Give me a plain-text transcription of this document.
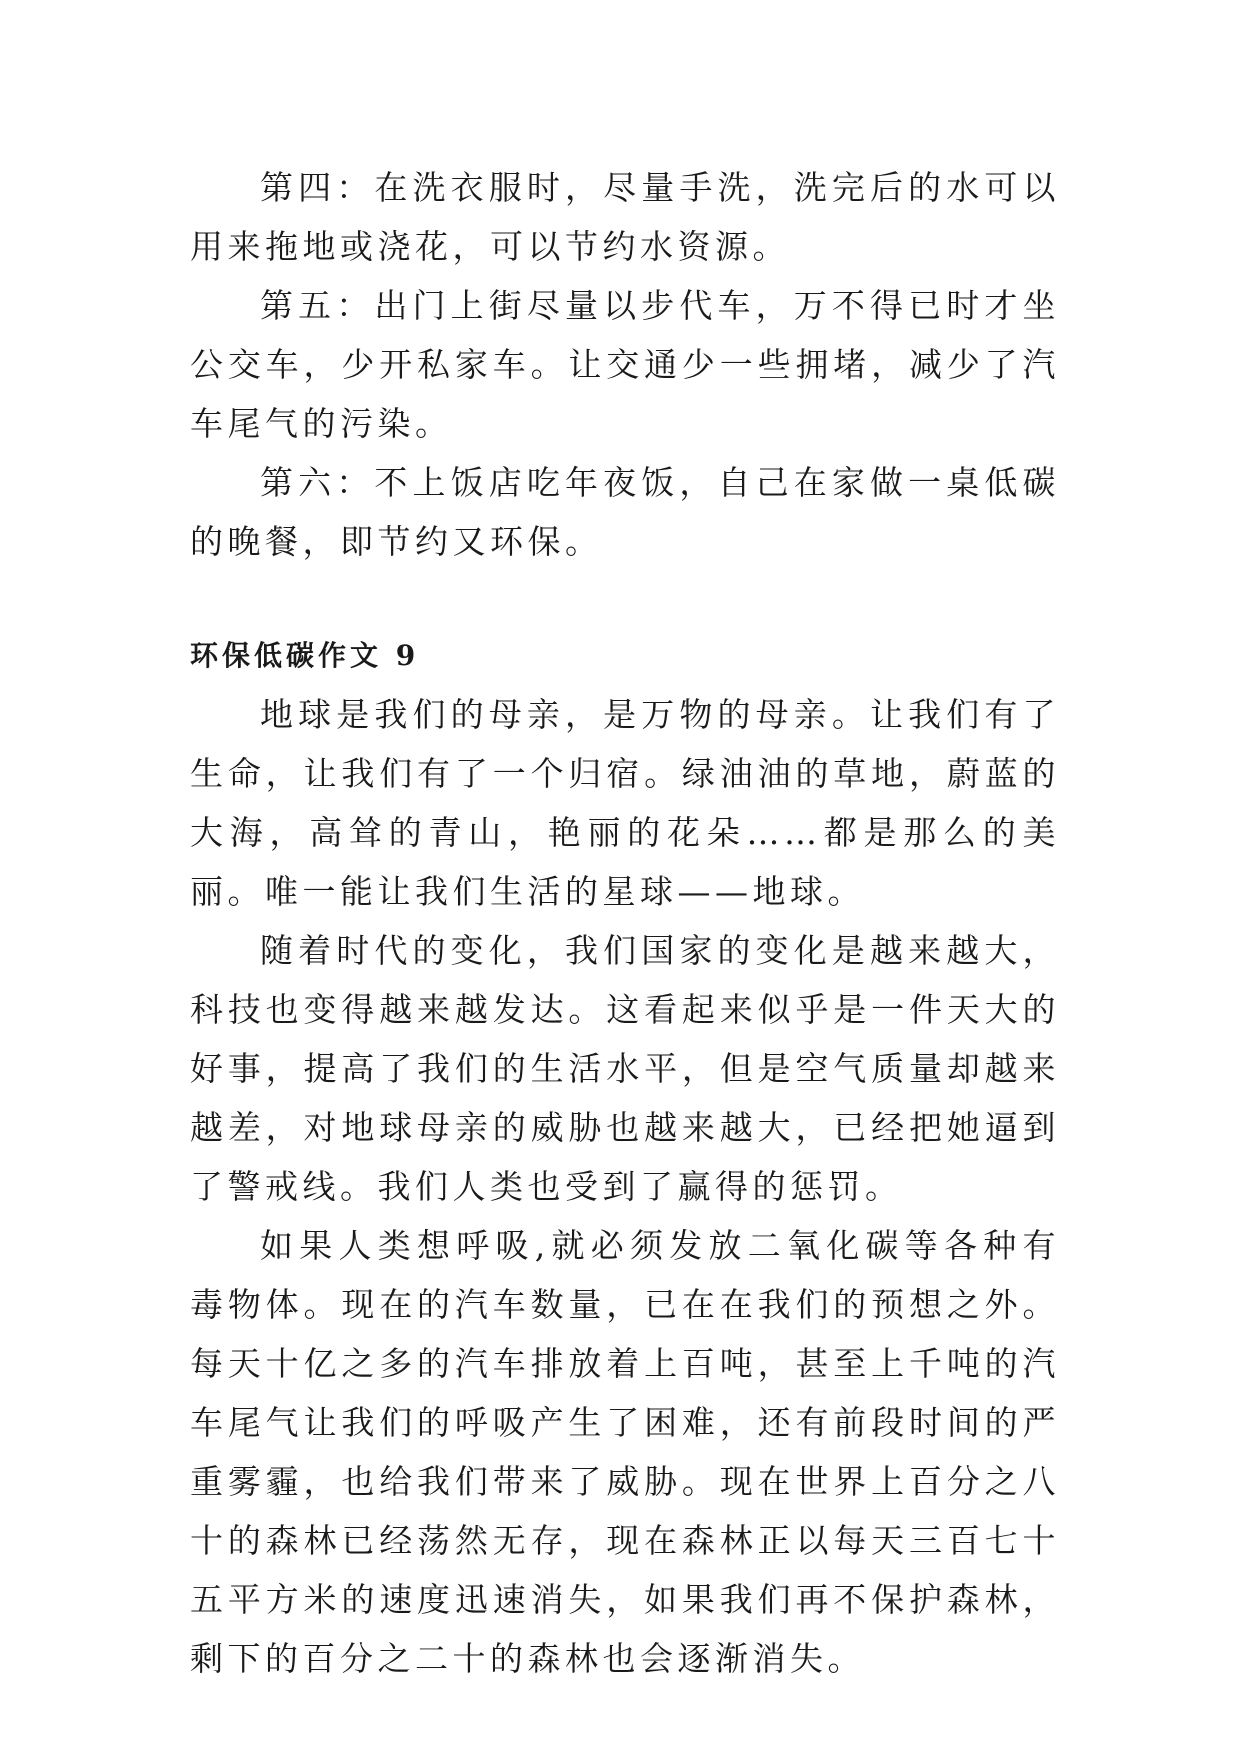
第四：在洗衣服时，尽量手洗，洗完后的水可以用来拖地或浇花，可以节约水资源。

第五：出门上街尽量以步代车，万不得已时才坐公交车，少开私家车。让交通少一些拥堵，减少了汽车尾气的污染。

第六：不上饭店吃年夜饭，自己在家做一桌低碳的晚餐，即节约又环保。

环保低碳作文 9

地球是我们的母亲，是万物的母亲。让我们有了生命，让我们有了一个归宿。绿油油的草地，蔚蓝的大海，高耸的青山，艳丽的花朵……都是那么的美丽。唯一能让我们生活的星球——地球。

随着时代的变化，我们国家的变化是越来越大，科技也变得越来越发达。这看起来似乎是一件天大的好事，提高了我们的生活水平，但是空气质量却越来越差，对地球母亲的威胁也越来越大，已经把她逼到了警戒线。我们人类也受到了赢得的惩罚。

如果人类想呼吸,就必须发放二氧化碳等各种有毒物体。现在的汽车数量，已在在我们的预想之外。每天十亿之多的汽车排放着上百吨，甚至上千吨的汽车尾气让我们的呼吸产生了困难，还有前段时间的严重雾霾，也给我们带来了威胁。现在世界上百分之八十的森林已经荡然无存，现在森林正以每天三百七十五平方米的速度迅速消失，如果我们再不保护森林，剩下的百分之二十的森林也会逐渐消失。
